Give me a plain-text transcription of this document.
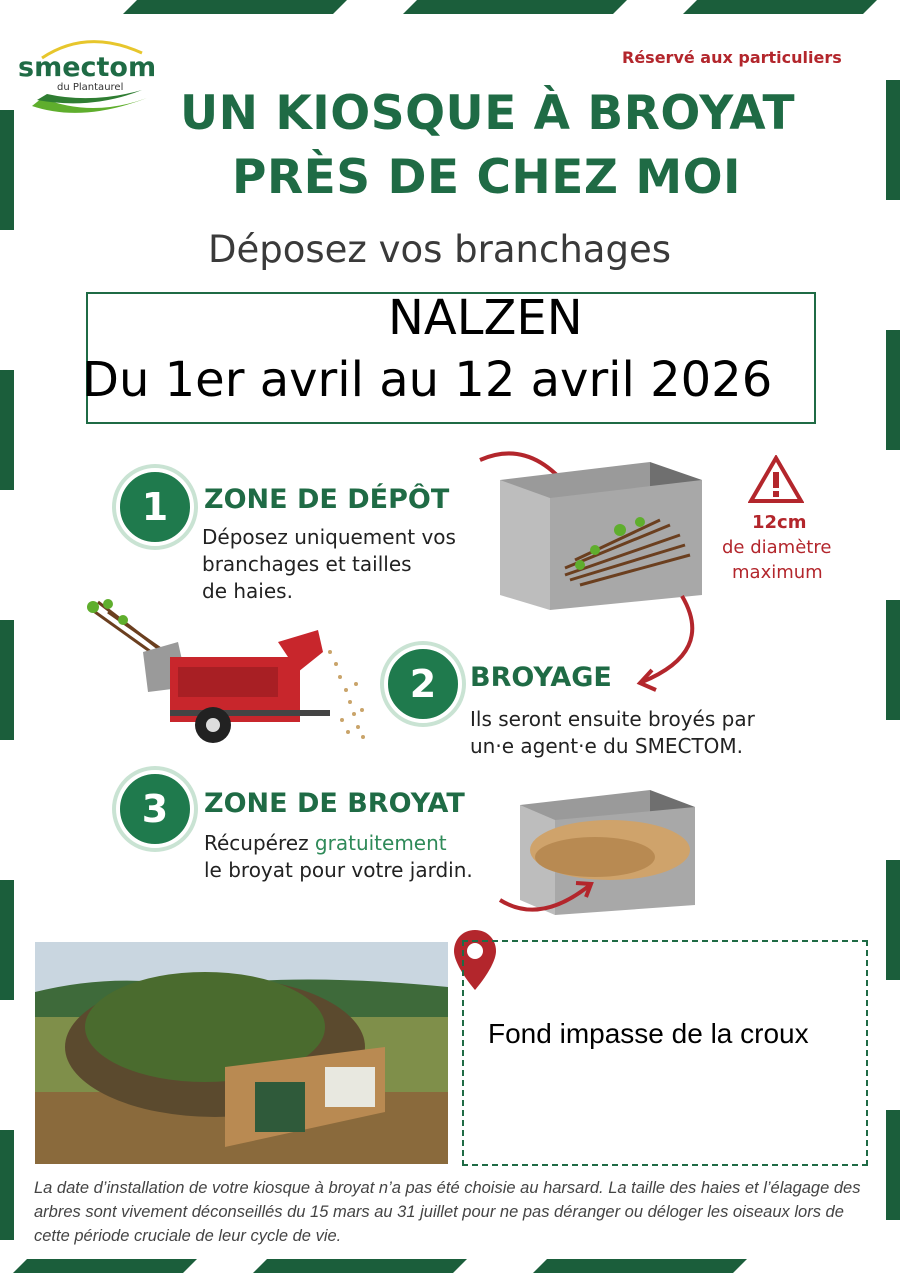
smectom
du Plantaurel
Réservé aux particuliers
UN KIOSQUE À BROYAT
PRÈS DE CHEZ MOI
Déposez vos branchages
NALZEN
Du 1er avril au 12 avril 2026
1	ZONE DE DÉPÔT
Déposez uniquement vos
branchages et tailles
de haies.
12cm
de diamètre
maximum
2	BROYAGE
Ils seront ensuite broyés par
un·e agent·e du SMECTOM.
3	ZONE DE BROYAT
Récupérez gratuitement
le broyat pour votre jardin.
Fond impasse de la croux
La date d’installation de votre kiosque à broyat n’a pas été choisie au harsard. La taille des haies et l’élagage des arbres sont vivement déconseillés du 15 mars au 31 juillet pour ne pas déranger ou déloger les oiseaux lors de cette période cruciale de leur cycle de vie.
